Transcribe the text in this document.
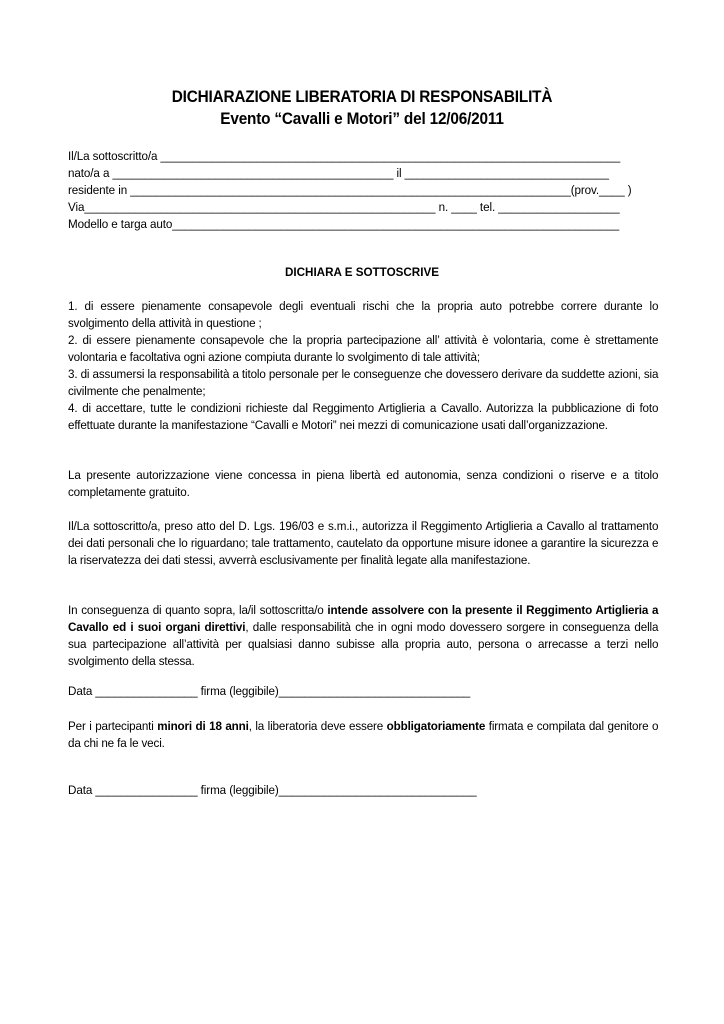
DICHIARAZIONE LIBERATORIA DI RESPONSABILITÀ
Evento “Cavalli e Motori” del 12/06/2011
Il/La sottoscritto/a ________________________________________________________________________
nato/a a ____________________________________________ il ________________________________
residente in _____________________________________________________________________(prov.____ )
Via_______________________________________________________ n. ____ tel. ___________________
Modello e targa auto______________________________________________________________________
DICHIARA E SOTTOSCRIVE

1. di essere pienamente consapevole degli eventuali rischi che la propria auto potrebbe correre durante lo svolgimento della attività in questione ;

2. di essere pienamente consapevole che la propria partecipazione all’ attività è volontaria, come è strettamente volontaria e facoltativa ogni azione compiuta durante lo svolgimento di tale attività;

3. di assumersi la responsabilità a titolo personale per le conseguenze che dovessero derivare da suddette azioni, sia civilmente che penalmente;

4. di accettare, tutte le condizioni richieste dal Reggimento Artiglieria a Cavallo. Autorizza la pubblicazione di foto effettuate durante la manifestazione “Cavalli e Motori” nei mezzi di comunicazione usati dall’organizzazione.

La presente autorizzazione viene concessa in piena libertà ed autonomia, senza condizioni o riserve e a titolo completamente gratuito.

Il/La sottoscritto/a, preso atto del D. Lgs. 196/03 e s.m.i., autorizza il Reggimento Artiglieria a Cavallo al trattamento dei dati personali che lo riguardano; tale trattamento, cautelato da opportune misure idonee a garantire la sicurezza e la riservatezza dei dati stessi, avverrà esclusivamente per finalità legate alla manifestazione.

In conseguenza di quanto sopra, la/il sottoscritta/o intende assolvere con la presente il Reggimento Artiglieria a Cavallo ed i suoi organi direttivi, dalle responsabilità che in ogni modo dovessero sorgere in conseguenza della sua partecipazione all’attività per qualsiasi danno subisse alla propria auto, persona o arrecasse a terzi nello svolgimento della stessa.

Data ________________ firma (leggibile)______________________________

Per i partecipanti minori di 18 anni, la liberatoria deve essere obbligatoriamente firmata e compilata dal genitore o da chi ne fa le veci.

Data ________________ firma (leggibile)_______________________________
